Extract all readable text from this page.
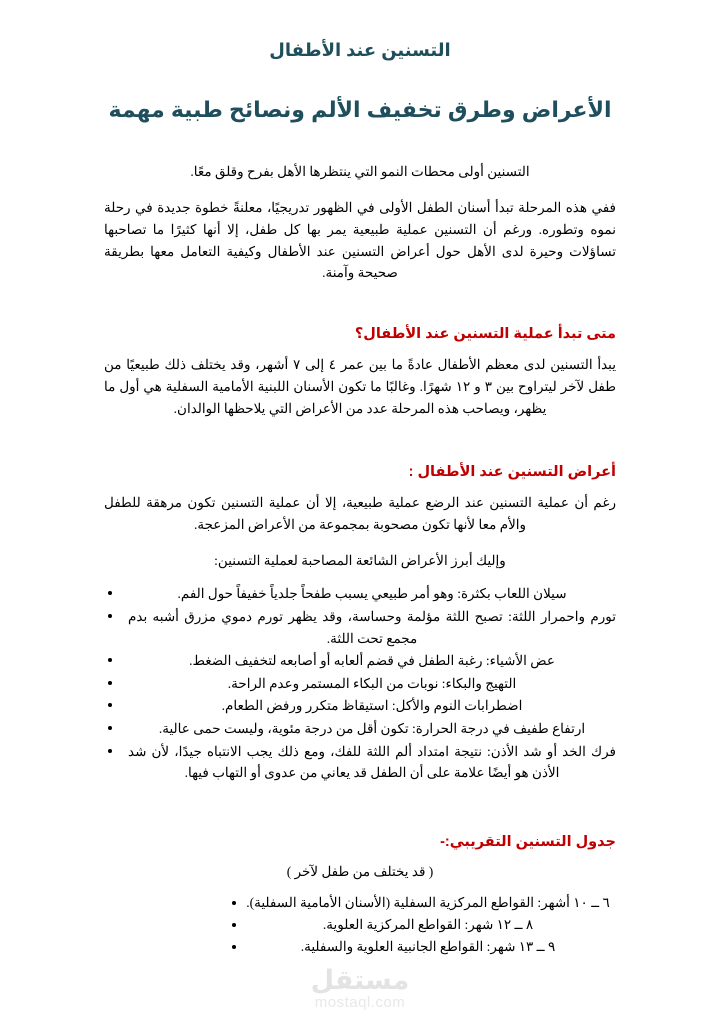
التسنين عند الأطفال
الأعراض وطرق تخفيف الألم ونصائح طبية مهمة

التسنين أولى محطات النمو التي ينتظرها الأهل بفرح وقلق معًا.

ففي هذه المرحلة تبدأ أسنان الطفل الأولى في الظهور تدريجيًا، معلنةً خطوة جديدة في رحلة نموه وتطوره. ورغم أن التسنين عملية طبيعية يمر بها كل طفل، إلا أنها كثيرًا ما تصاحبها تساؤلات وحيرة لدى الأهل حول أعراض التسنين عند الأطفال وكيفية التعامل معها بطريقة صحيحة وآمنة.

متى تبدأ عملية التسنين عند الأطفال؟

يبدأ التسنين لدى معظم الأطفال عادةً ما بين عمر ٤ إلى ٧ أشهر، وقد يختلف ذلك طبيعيًا من طفل لآخر ليتراوح بين ٣ و ١٢ شهرًا. وغالبًا ما تكون الأسنان اللبنية الأمامية السفلية هي أول ما يظهر، ويصاحب هذه المرحلة عدد من الأعراض التي يلاحظها الوالدان.

أعراض التسنين عند الأطفال :

رغم أن عملية التسنين عند الرضع عملية طبيعية، إلا أن عملية التسنين تكون مرهقة للطفل والأم معا لأنها تكون مصحوبة بمجموعة من الأعراض المزعجة.

وإليك أبرز الأعراض الشائعة المصاحبة لعملية التسنين:

سيلان اللعاب بكثرة: وهو أمر طبيعي يسبب طفحاً جلدياً خفيفاً حول الفم.
تورم واحمرار اللثة: تصبح اللثة مؤلمة وحساسة، وقد يظهر تورم دموي مزرق أشبه بدم مجمع تحت اللثة.
عض الأشياء: رغبة الطفل في قضم ألعابه أو أصابعه لتخفيف الضغط.
التهيج والبكاء: نوبات من البكاء المستمر وعدم الراحة.
اضطرابات النوم والأكل: استيقاظ متكرر ورفض الطعام.
ارتفاع طفيف في درجة الحرارة: تكون أقل من درجة مئوية، وليست حمى عالية.
فرك الخد أو شد الأذن: نتيجة امتداد ألم اللثة للفك، ومع ذلك يجب الانتباه جيدًا، لأن شد الأذن هو أيضًا علامة على أن الطفل قد يعاني من عدوى أو التهاب فيها.
جدول التسنين التقريبي:-

( قد يختلف من طفل لآخر )

٦ ــ ١٠ أشهر: القواطع المركزية السفلية (الأسنان الأمامية السفلية).
٨ ــ ١٢ شهر: القواطع المركزية العلوية.
٩ ــ ١٣ شهر: القواطع الجانبية العلوية والسفلية.
مستقل
mostaql.com
